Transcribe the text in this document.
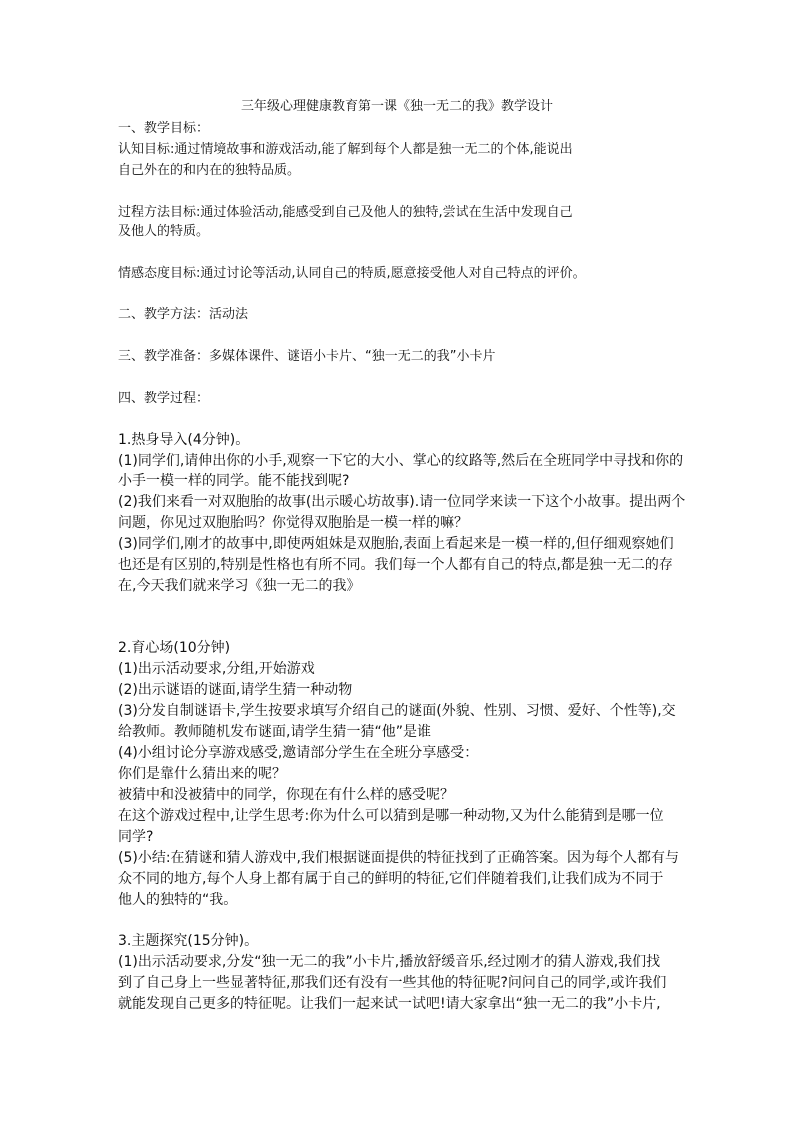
三年级心理健康教育第一课《独一无二的我》教学设计
一、教学目标：
认知目标:通过情境故事和游戏活动,能了解到每个人都是独一无二的个体,能说出
自己外在的和内在的独特品质。
过程方法目标:通过体验活动,能感受到自己及他人的独特,尝试在生活中发现自己
及他人的特质。
情感态度目标:通过讨论等活动,认同自己的特质,愿意接受他人对自己特点的评价。
二、教学方法：活动法
三、教学准备：多媒体课件、谜语小卡片、“独一无二的我”小卡片
四、教学过程：
1.热身导入(4分钟)。
(1)同学们,请伸出你的小手,观察一下它的大小、掌心的纹路等,然后在全班同学中寻找和你的
小手一模一样的同学。能不能找到呢?
(2)我们来看一对双胞胎的故事(出示暖心坊故事).请一位同学来读一下这个小故事。提出两个
问题，你见过双胞胎吗？你觉得双胞胎是一模一样的嘛？
(3)同学们,刚才的故事中,即使两姐妹是双胞胎,表面上看起来是一模一样的,但仔细观察她们
也还是有区别的,特别是性格也有所不同。我们每一个人都有自己的特点,都是独一无二的存
在,今天我们就来学习《独一无二的我》
2.育心场(10分钟)
(1)出示活动要求,分组,开始游戏
(2)出示谜语的谜面,请学生猜一种动物
(3)分发自制谜语卡,学生按要求填写介绍自己的谜面(外貌、性别、习惯、爱好、个性等),交
给教师。教师随机发布谜面,请学生猜一猜“他”是谁
(4)小组讨论分享游戏感受,邀请部分学生在全班分享感受：
你们是靠什么猜出来的呢？
被猜中和没被猜中的同学，你现在有什么样的感受呢？
在这个游戏过程中,让学生思考:你为什么可以猜到是哪一种动物,又为什么能猜到是哪一位
同学?
(5)小结:在猜谜和猜人游戏中,我们根据谜面提供的特征找到了正确答案。因为每个人都有与
众不同的地方,每个人身上都有属于自己的鲜明的特征,它们伴随着我们,让我们成为不同于
他人的独特的“我。
3.主题探究(15分钟)。
(1)出示活动要求,分发“独一无二的我”小卡片,播放舒缓音乐,经过刚才的猜人游戏,我们找
到了自己身上一些显著特征,那我们还有没有一些其他的特征呢?问问自己的同学,或许我们
就能发现自己更多的特征呢。让我们一起来试一试吧!请大家拿出“独一无二的我”小卡片,
